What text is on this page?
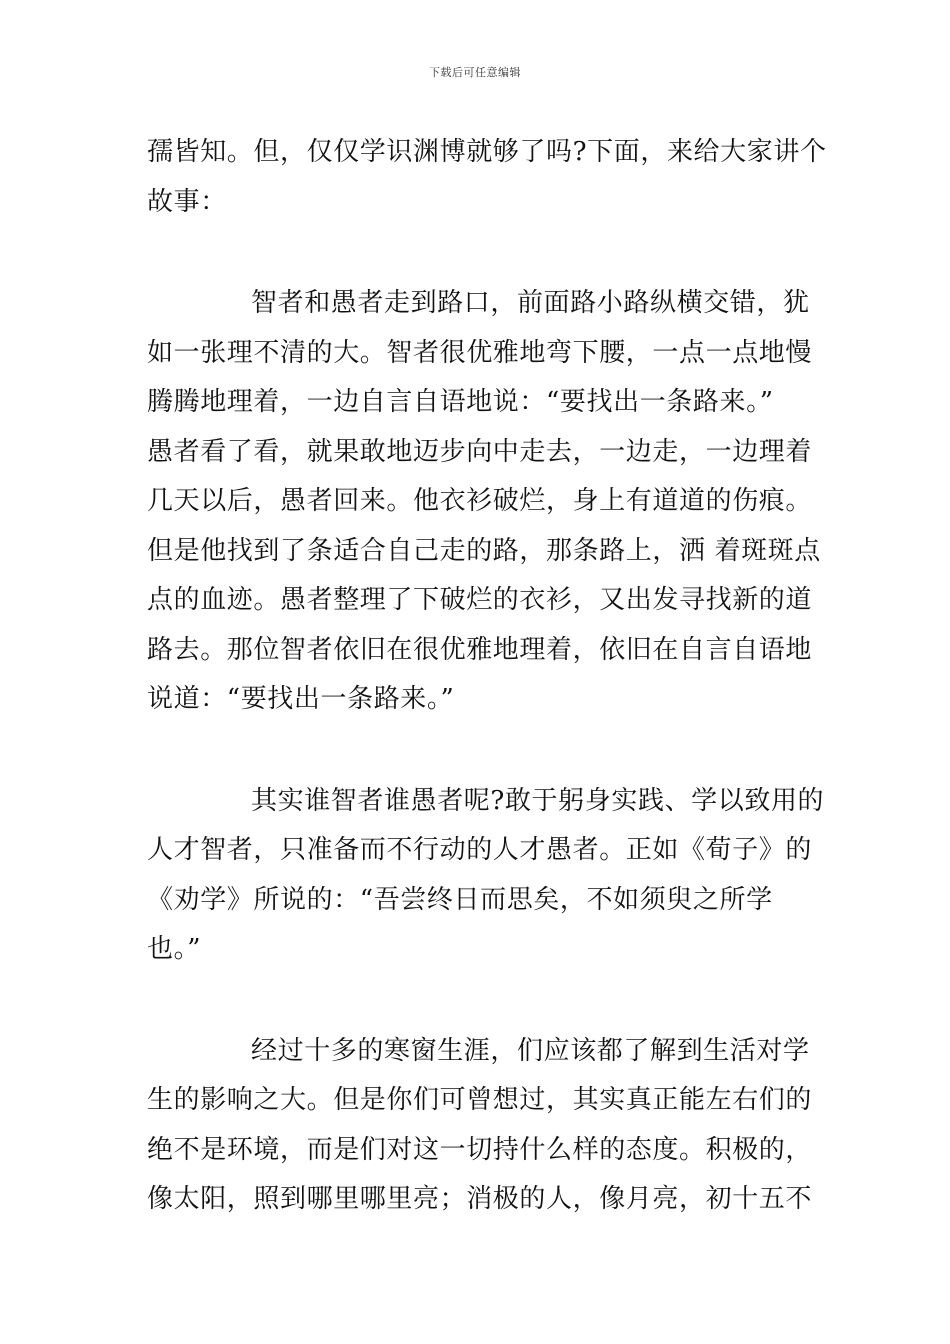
下载后可任意编辑
孺皆知。但，仅仅学识渊博就够了吗?下面，来给大家讲个
故事：
智者和愚者走到路口，前面路小路纵横交错，犹
如一张理不清的大。智者很优雅地弯下腰，一点一点地慢
腾腾地理着，一边自言自语地说：“要找出一条路来。”
愚者看了看，就果敢地迈步向中走去，一边走，一边理着
几天以后，愚者回来。他衣衫破烂，身上有道道的伤痕。
但是他找到了条适合自己走的路，那条路上，洒 着斑斑点
点的血迹。愚者整理了下破烂的衣衫，又出发寻找新的道
路去。那位智者依旧在很优雅地理着，依旧在自言自语地
说道：“要找出一条路来。”
其实谁智者谁愚者呢?敢于躬身实践、学以致用的
人才智者，只准备而不行动的人才愚者。正如《荀子》的
《劝学》所说的：“吾尝终日而思矣，不如须臾之所学
也。”
经过十多的寒窗生涯，们应该都了解到生活对学
生的影响之大。但是你们可曾想过，其实真正能左右们的
绝不是环境，而是们对这一切持什么样的态度。积极的，
像太阳，照到哪里哪里亮；消极的人，像月亮，初十五不
